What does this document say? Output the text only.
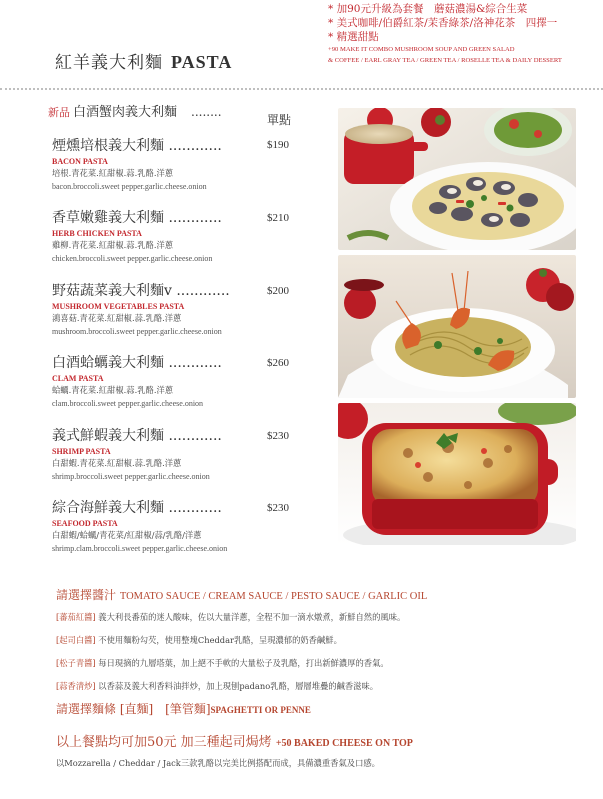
* 加90元升級為套餐　蘑菇濃湯&綜合生菜
* 美式咖啡/伯爵紅茶/茉香綠茶/洛神花茶　四擇一
* 精選甜點
+90 MAKE IT COMBO MUSHROOM SOUP AND GREEN SALAD
& COFFEE / EARL GRAY TEA / GREEN TEA / ROSELLE TEA & DAILY DESSERT
紅羊義大利麵 PASTA
新品 白酒蟹肉義大利麵 ........
單點
煙燻培根義大利麵 ............
BACON PASTA
培根.青花菜.紅甜椒.蒜.乳酪.洋蔥
bacon.broccoli.sweet pepper.garlic.cheese.onion
$190
香草嫩雞義大利麵 ............
HERB CHICKEN PASTA
雞柳.青花菜.紅甜椒.蒜.乳酪.洋蔥
chicken.broccoli.sweet pepper.garlic.cheese.onion
$210
野菇蔬菜義大利麵v ............
MUSHROOM VEGETABLES PASTA
鴻喜菇.青花菜.紅甜椒.蒜.乳酪.洋蔥
mushroom.broccoli.sweet pepper.garlic.cheese.onion
$200
白酒蛤蠣義大利麵 ............
CLAM PASTA
蛤蠣.青花菜.紅甜椒.蒜.乳酪.洋蔥
clam.broccoli.sweet pepper.garlic.cheese.onion
$260
義式鮮蝦義大利麵 ............
SHRIMP PASTA
白甜蝦.青花菜.紅甜椒.蒜.乳酪.洋蔥
shrimp.broccoli.sweet pepper.garlic.cheese.onion
$230
綜合海鮮義大利麵 ............
SEAFOOD PASTA
白甜蝦/蛤蠣/青花菜/紅甜椒/蒜/乳酪/洋蔥
shrimp.clam.broccoli.sweet pepper.garlic.cheese.onion
$230
請選擇醬汁 TOMATO SAUCE / CREAM SAUCE / PESTO SAUCE / GARLIC OIL
[蕃茄紅醬] 義大利長番茄的迷人酸味，佐以大量洋蔥，全程不加一滴水燉煮，新鮮自然的風味。
[起司白醬] 不使用麵粉勾芡，使用整塊Cheddar乳酪，呈現濃郁的奶香鹹鮮。
[松子青醬] 每日現摘的九層塔葉，加上絕不手軟的大量松子及乳酪，打出新鮮濃厚的香氣。
[蒜香清炒] 以香蒜及義大利香料油拌炒，加上現刨padano乳酪，層層堆疊的鹹香滋味。
請選擇麵條 [直麵]　[筆管麵]SPAGHETTI OR PENNE
以上餐點均可加50元 加三種起司焗烤 +50 BAKED CHEESE ON TOP
以Mozzarella / Cheddar / Jack三款乳酪以完美比例搭配而成，具備濃重香氣及口感。
